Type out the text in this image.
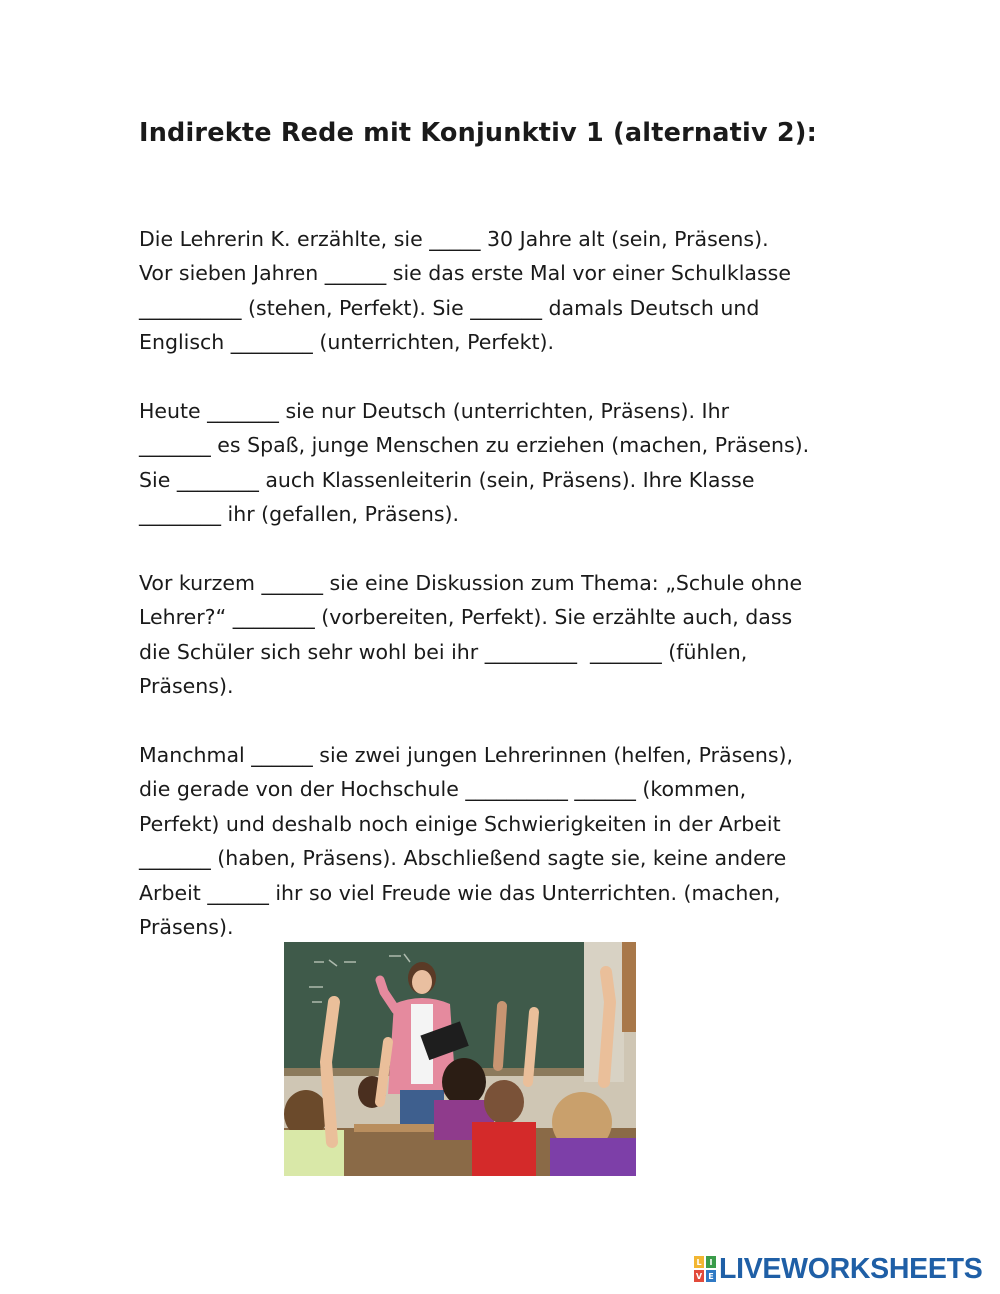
Indirekte Rede mit Konjunktiv 1 (alternativ 2):
Die Lehrerin K. erzählte, sie _____ 30 Jahre alt (sein, Präsens).
Vor sieben Jahren ______ sie das erste Mal vor einer Schulklasse
__________ (stehen, Perfekt). Sie _______ damals Deutsch und
Englisch ________ (unterrichten, Perfekt).
Heute _______ sie nur Deutsch (unterrichten, Präsens). Ihr
_______ es Spaß, junge Menschen zu erziehen (machen, Präsens).
Sie ________ auch Klassenleiterin (sein, Präsens). Ihre Klasse
________ ihr (gefallen, Präsens).
Vor kurzem ______ sie eine Diskussion zum Thema: „Schule ohne
Lehrer?“ ________ (vorbereiten, Perfekt). Sie erzählte auch, dass
die Schüler sich sehr wohl bei ihr _________  _______ (fühlen,
Präsens).
Manchmal ______ sie zwei jungen Lehrerinnen (helfen, Präsens),
die gerade von der Hochschule __________ ______ (kommen,
Perfekt) und deshalb noch einige Schwierigkeiten in der Arbeit
_______ (haben, Präsens). Abschließend sagte sie, keine andere
Arbeit ______ ihr so viel Freude wie das Unterrichten. (machen,
Präsens).
L I
V E LIVEWORKSHEETS
